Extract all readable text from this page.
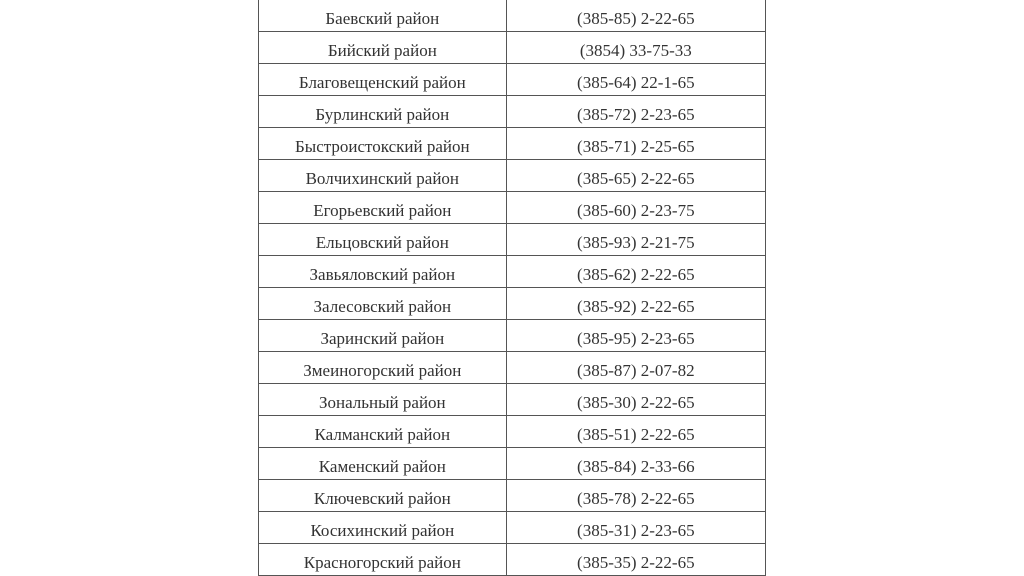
Баевский район	(385-85) 2-22-65
Бийский район	(3854) 33-75-33
Благовещенский район	(385-64) 22-1-65
Бурлинский район	(385-72) 2-23-65
Быстроистокский район	(385-71) 2-25-65
Волчихинский район	(385-65) 2-22-65
Егорьевский район	(385-60) 2-23-75
Ельцовский район	(385-93) 2-21-75
Завьяловский район	(385-62) 2-22-65
Залесовский район	(385-92) 2-22-65
Заринский район	(385-95) 2-23-65
Змеиногорский район	(385-87) 2-07-82
Зональный район	(385-30) 2-22-65
Калманский район	(385-51) 2-22-65
Каменский район	(385-84) 2-33-66
Ключевский район	(385-78) 2-22-65
Косихинский район	(385-31) 2-23-65
Красногорский район	(385-35) 2-22-65
